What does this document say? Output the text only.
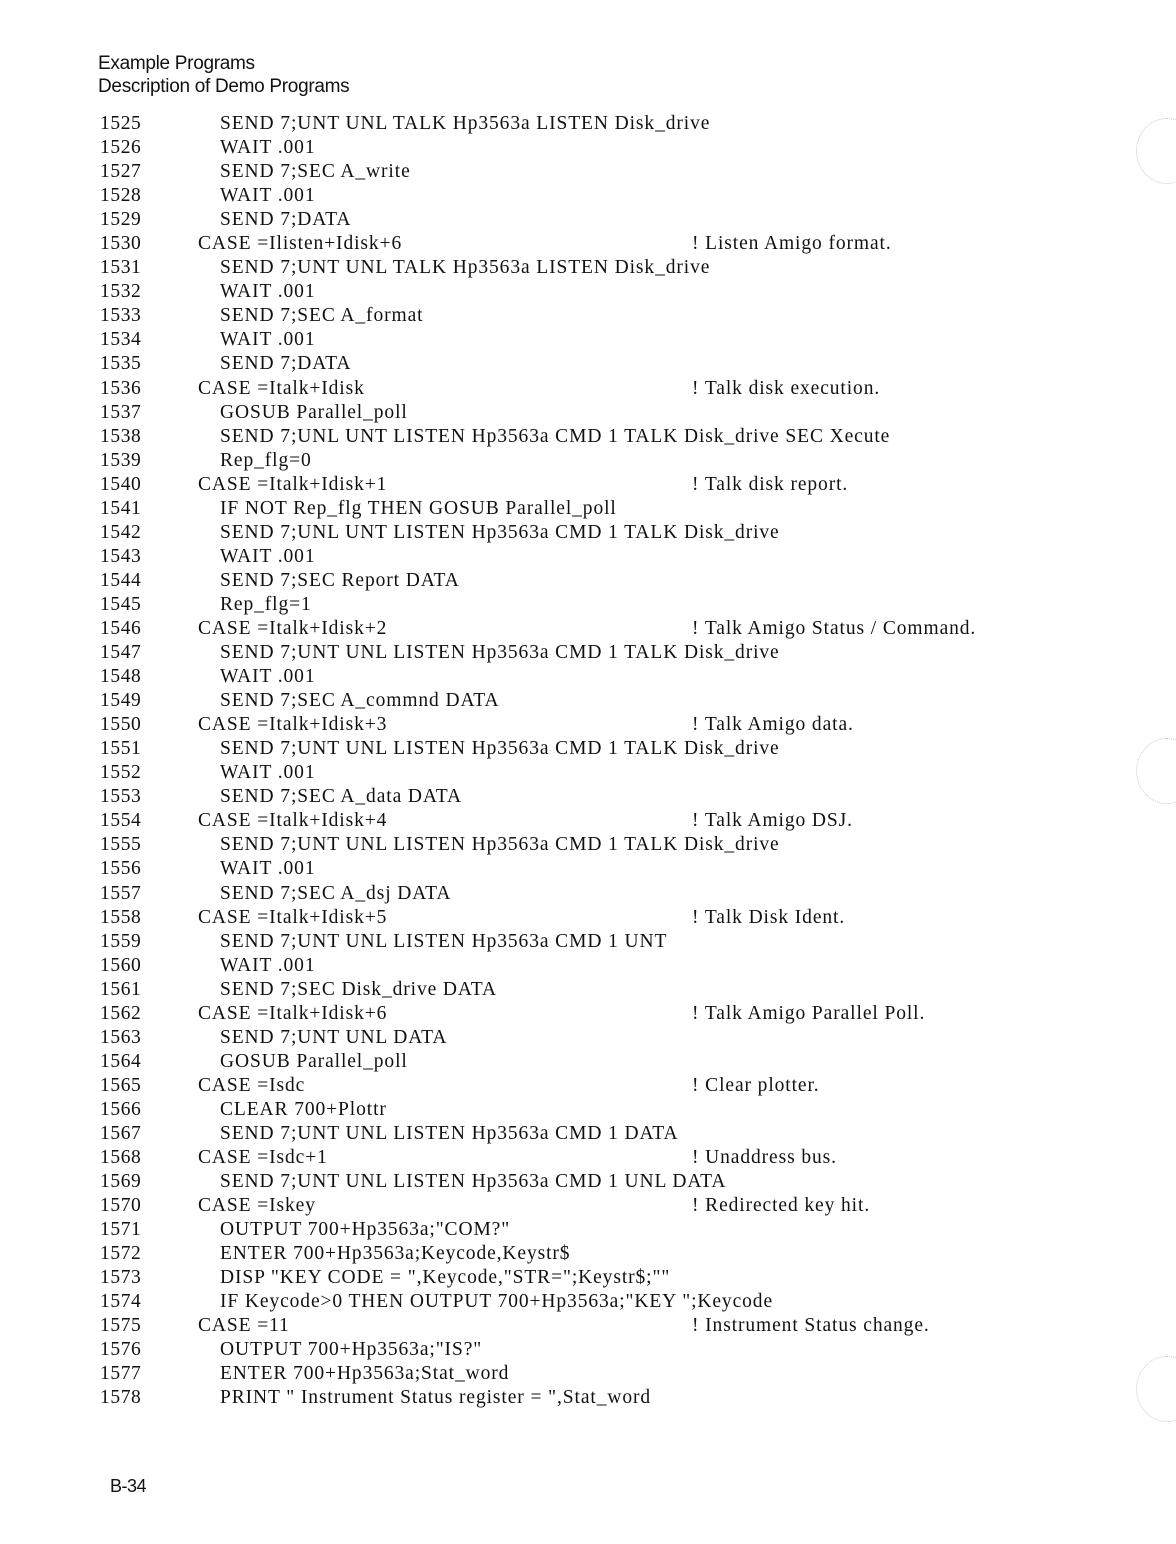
Example Programs
Description of Demo Programs
1525	SEND 7;UNT UNL TALK Hp3563a LISTEN Disk_drive
1526	WAIT .001
1527	SEND 7;SEC A_write
1528	WAIT .001
1529	SEND 7;DATA
1530	CASE =Ilisten+Idisk+6	! Listen Amigo format.
1531	SEND 7;UNT UNL TALK Hp3563a LISTEN Disk_drive
1532	WAIT .001
1533	SEND 7;SEC A_format
1534	WAIT .001
1535	SEND 7;DATA
1536	CASE =Italk+Idisk	! Talk disk execution.
1537	GOSUB Parallel_poll
1538	SEND 7;UNL UNT LISTEN Hp3563a CMD 1 TALK Disk_drive SEC Xecute
1539	Rep_flg=0
1540	CASE =Italk+Idisk+1	! Talk disk report.
1541	IF NOT Rep_flg THEN GOSUB Parallel_poll
1542	SEND 7;UNL UNT LISTEN Hp3563a CMD 1 TALK Disk_drive
1543	WAIT .001
1544	SEND 7;SEC Report DATA
1545	Rep_flg=1
1546	CASE =Italk+Idisk+2	! Talk Amigo Status / Command.
1547	SEND 7;UNT UNL LISTEN Hp3563a CMD 1 TALK Disk_drive
1548	WAIT .001
1549	SEND 7;SEC A_commnd DATA
1550	CASE =Italk+Idisk+3	! Talk Amigo data.
1551	SEND 7;UNT UNL LISTEN Hp3563a CMD 1 TALK Disk_drive
1552	WAIT .001
1553	SEND 7;SEC A_data DATA
1554	CASE =Italk+Idisk+4	! Talk Amigo DSJ.
1555	SEND 7;UNT UNL LISTEN Hp3563a CMD 1 TALK Disk_drive
1556	WAIT .001
1557	SEND 7;SEC A_dsj DATA
1558	CASE =Italk+Idisk+5	! Talk Disk Ident.
1559	SEND 7;UNT UNL LISTEN Hp3563a CMD 1 UNT
1560	WAIT .001
1561	SEND 7;SEC Disk_drive DATA
1562	CASE =Italk+Idisk+6	! Talk Amigo Parallel Poll.
1563	SEND 7;UNT UNL DATA
1564	GOSUB Parallel_poll
1565	CASE =Isdc	! Clear plotter.
1566	CLEAR 700+Plottr
1567	SEND 7;UNT UNL LISTEN Hp3563a CMD 1 DATA
1568	CASE =Isdc+1	! Unaddress bus.
1569	SEND 7;UNT UNL LISTEN Hp3563a CMD 1 UNL DATA
1570	CASE =Iskey	! Redirected key hit.
1571	OUTPUT 700+Hp3563a;"COM?"
1572	ENTER 700+Hp3563a;Keycode,Keystr$
1573	DISP "KEY CODE = ",Keycode,"STR=";Keystr$;""
1574	IF Keycode>0 THEN OUTPUT 700+Hp3563a;"KEY ";Keycode
1575	CASE =11	! Instrument Status change.
1576	OUTPUT 700+Hp3563a;"IS?"
1577	ENTER 700+Hp3563a;Stat_word
1578	PRINT " Instrument Status register = ",Stat_word
B-34
